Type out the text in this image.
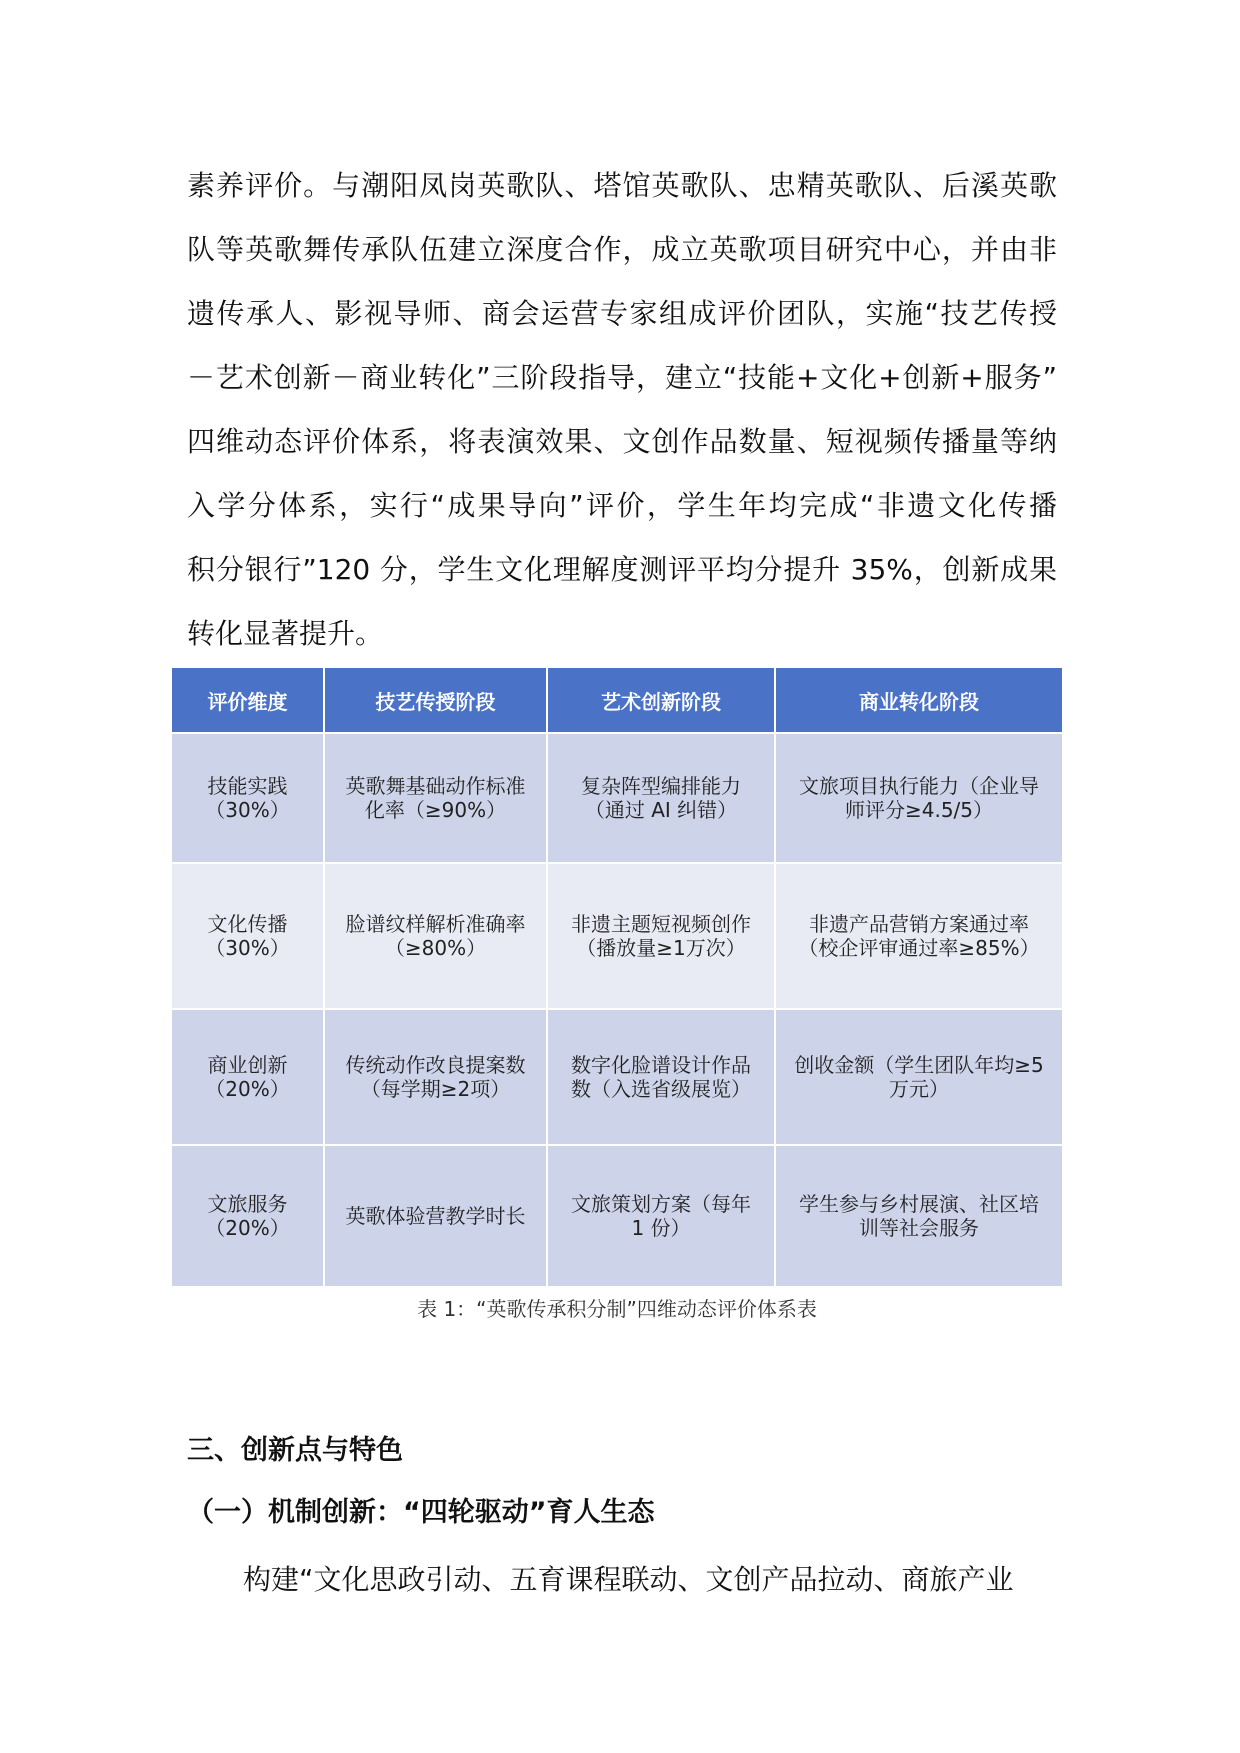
素养评价。与潮阳凤岗英歌队、塔馆英歌队、忠精英歌队、后溪英歌
队等英歌舞传承队伍建立深度合作，成立英歌项目研究中心，并由非
遗传承人、影视导师、商会运营专家组成评价团队，实施“技艺传授
－艺术创新－商业转化”三阶段指导，建立“技能+文化+创新+服务”
四维动态评价体系，将表演效果、文创作品数量、短视频传播量等纳
入学分体系，实行“成果导向”评价，学生年均完成“非遗文化传播
积分银行”120 分，学生文化理解度测评平均分提升 35%，创新成果
转化显著提升。
评价维度	技艺传授阶段	艺术创新阶段	商业转化阶段
技能实践（30%）	英歌舞基础动作标准化率（≥90%）	复杂阵型编排能力（通过 AI 纠错）	文旅项目执行能力（企业导师评分≥4.5/5）
文化传播（30%）	脸谱纹样解析准确率（≥80%）	非遗主题短视频创作（播放量≥1万次）	非遗产品营销方案通过率（校企评审通过率≥85%）
商业创新（20%）	传统动作改良提案数（每学期≥2项）	数字化脸谱设计作品数（入选省级展览）	创收金额（学生团队年均≥5 万元）
文旅服务（20%）	英歌体验营教学时长	文旅策划方案（每年 1 份）	学生参与乡村展演、社区培训等社会服务

表 1：“英歌传承积分制”四维动态评价体系表

三、创新点与特色
（一）机制创新：“四轮驱动”育人生态

构建“文化思政引动、五育课程联动、文创产品拉动、商旅产业
